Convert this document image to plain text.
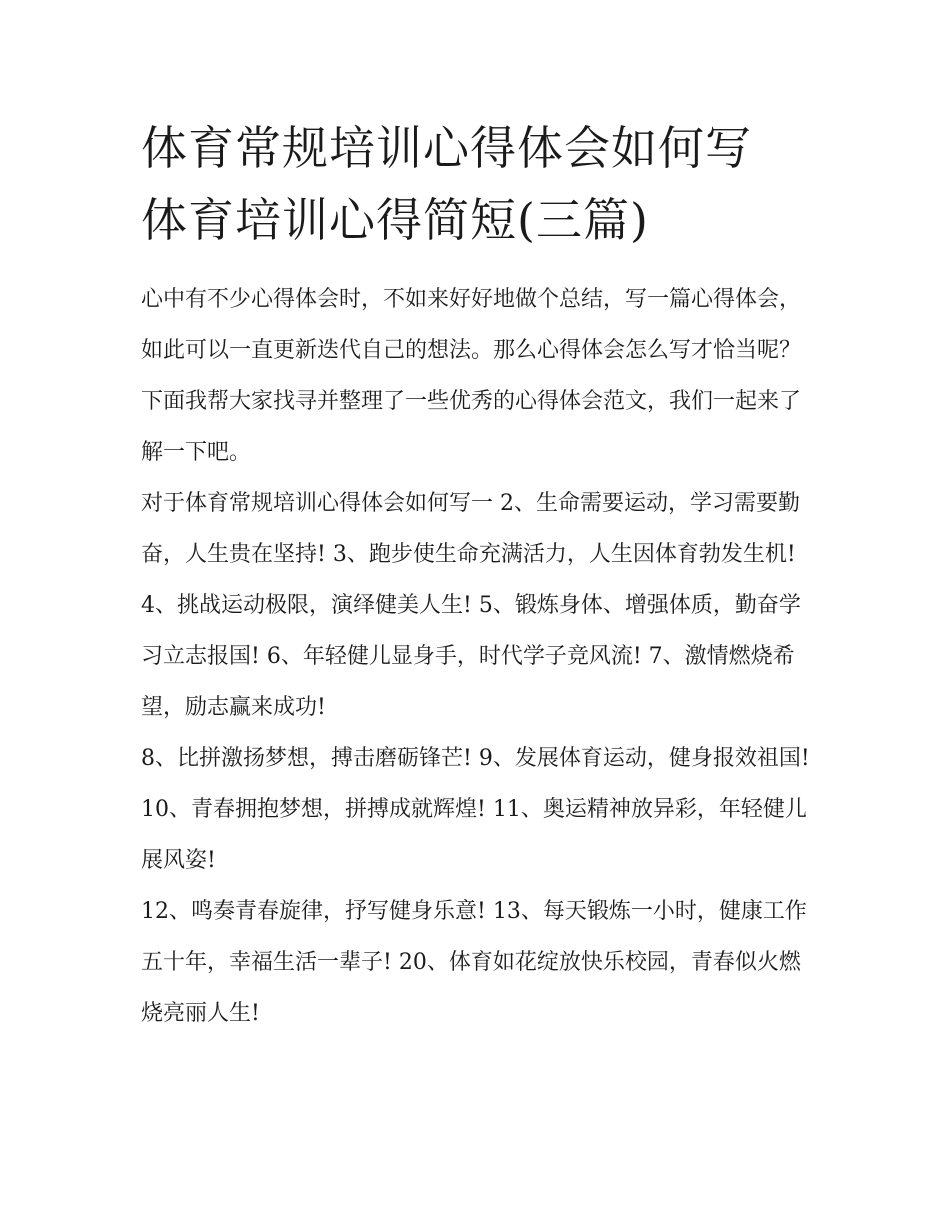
体育常规培训心得体会如何写
体育培训心得简短(三篇)

心中有不少心得体会时，不如来好好地做个总结，写一篇心得体会，如此可以一直更新迭代自己的想法。那么心得体会怎么写才恰当呢？下面我帮大家找寻并整理了一些优秀的心得体会范文，我们一起来了解一下吧。

对于体育常规培训心得体会如何写一 2、生命需要运动，学习需要勤奋，人生贵在坚持! 3、跑步使生命充满活力，人生因体育勃发生机!

4、挑战运动极限，演绎健美人生! 5、锻炼身体、增强体质，勤奋学习立志报国! 6、年轻健儿显身手，时代学子竞风流! 7、激情燃烧希望，励志赢来成功!

8、比拼激扬梦想，搏击磨砺锋芒! 9、发展体育运动，健身报效祖国! 10、青春拥抱梦想，拼搏成就辉煌! 11、奥运精神放异彩，年轻健儿展风姿!

12、鸣奏青春旋律，抒写健身乐意! 13、每天锻炼一小时，健康工作五十年，幸福生活一辈子! 20、体育如花绽放快乐校园，青春似火燃烧亮丽人生!
